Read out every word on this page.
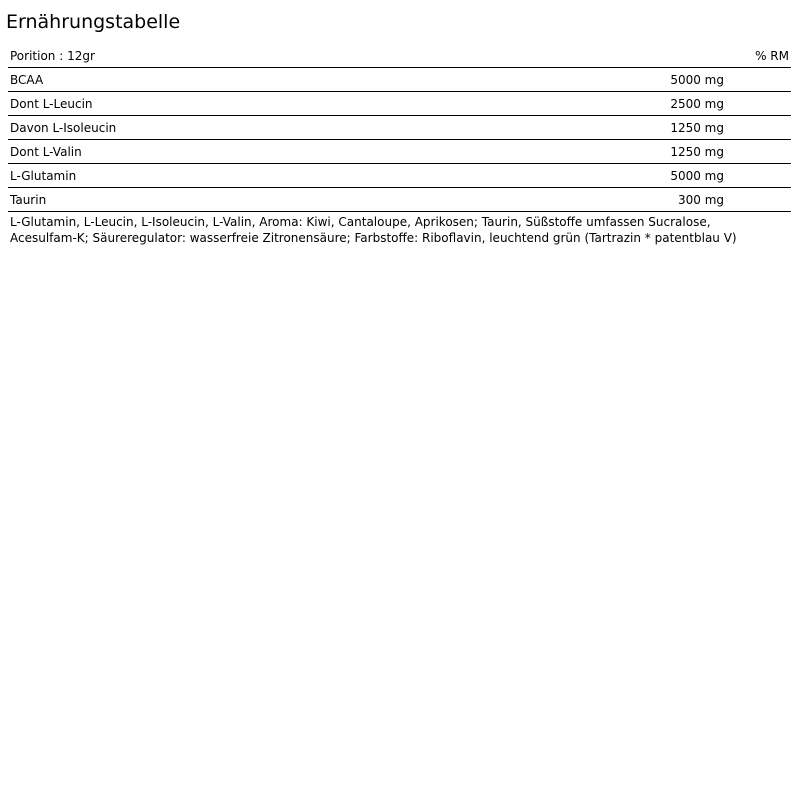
Ernährungstabelle
Porition : 12gr		% RM
BCAA	5000 mg	
Dont L-Leucin	2500 mg	
Davon L-Isoleucin	1250 mg	
Dont L-Valin	1250 mg	
L-Glutamin	5000 mg	
Taurin	300 mg	

L-Glutamin, L-Leucin, L-Isoleucin, L-Valin, Aroma: Kiwi, Cantaloupe, Aprikosen; Taurin, Süßstoffe umfassen Sucralose, Acesulfam-K; Säureregulator: wasserfreie Zitronensäure; Farbstoffe: Riboflavin, leuchtend grün (Tartrazin * patentblau V)
